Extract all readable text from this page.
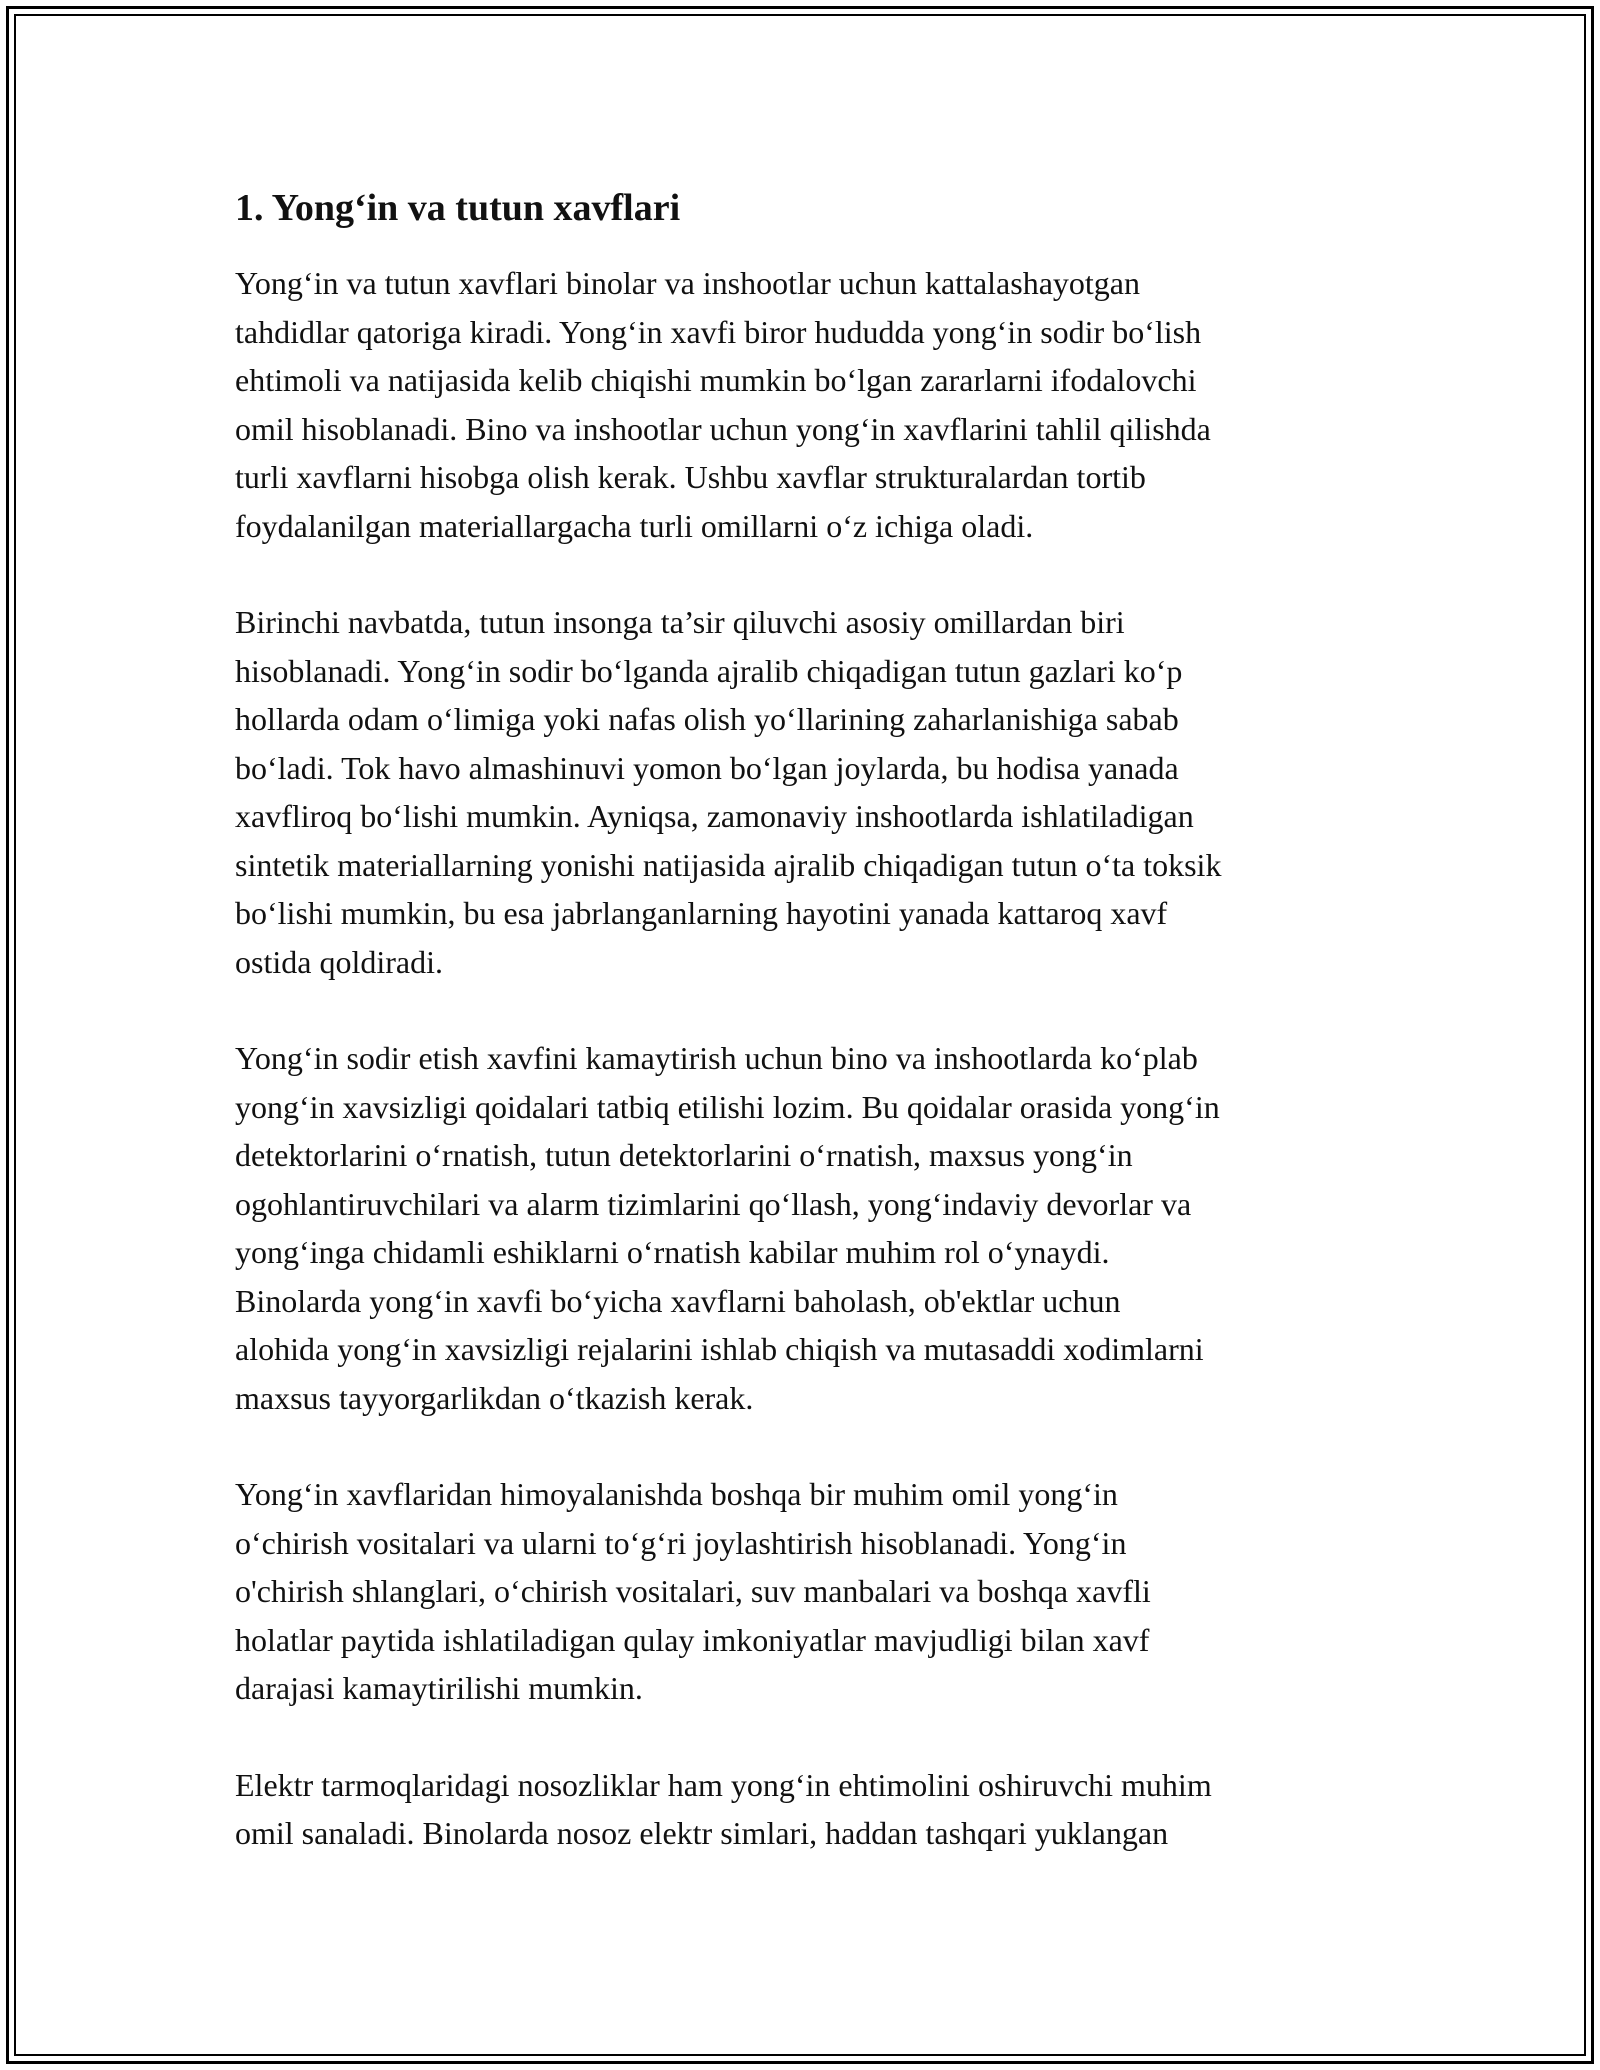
1. Yong‘in va tutun xavflari

Yong‘in va tutun xavflari binolar va inshootlar uchun kattalashayotgan
tahdidlar qatoriga kiradi. Yong‘in xavfi biror hududda yong‘in sodir bo‘lish
ehtimoli va natijasida kelib chiqishi mumkin bo‘lgan zararlarni ifodalovchi
omil hisoblanadi. Bino va inshootlar uchun yong‘in xavflarini tahlil qilishda
turli xavflarni hisobga olish kerak. Ushbu xavflar strukturalardan tortib
foydalanilgan materiallargacha turli omillarni o‘z ichiga oladi.

Birinchi navbatda, tutun insonga ta’sir qiluvchi asosiy omillardan biri
hisoblanadi. Yong‘in sodir bo‘lganda ajralib chiqadigan tutun gazlari ko‘p
hollarda odam o‘limiga yoki nafas olish yo‘llarining zaharlanishiga sabab
bo‘ladi. Tok havo almashinuvi yomon bo‘lgan joylarda, bu hodisa yanada
xavfliroq bo‘lishi mumkin. Ayniqsa, zamonaviy inshootlarda ishlatiladigan
sintetik materiallarning yonishi natijasida ajralib chiqadigan tutun o‘ta toksik
bo‘lishi mumkin, bu esa jabrlanganlarning hayotini yanada kattaroq xavf
ostida qoldiradi.

Yong‘in sodir etish xavfini kamaytirish uchun bino va inshootlarda ko‘plab
yong‘in xavsizligi qoidalari tatbiq etilishi lozim. Bu qoidalar orasida yong‘in
detektorlarini o‘rnatish, tutun detektorlarini o‘rnatish, maxsus yong‘in
ogohlantiruvchilari va alarm tizimlarini qo‘llash, yong‘indaviy devorlar va
yong‘inga chidamli eshiklarni o‘rnatish kabilar muhim rol o‘ynaydi.
Binolarda yong‘in xavfi bo‘yicha xavflarni baholash, ob'ektlar uchun
alohida yong‘in xavsizligi rejalarini ishlab chiqish va mutasaddi xodimlarni
maxsus tayyorgarlikdan o‘tkazish kerak.

Yong‘in xavflaridan himoyalanishda boshqa bir muhim omil yong‘in
o‘chirish vositalari va ularni to‘g‘ri joylashtirish hisoblanadi. Yong‘in
o'chirish shlanglari, o‘chirish vositalari, suv manbalari va boshqa xavfli
holatlar paytida ishlatiladigan qulay imkoniyatlar mavjudligi bilan xavf
darajasi kamaytirilishi mumkin.

Elektr tarmoqlaridagi nosozliklar ham yong‘in ehtimolini oshiruvchi muhim
omil sanaladi. Binolarda nosoz elektr simlari, haddan tashqari yuklangan
